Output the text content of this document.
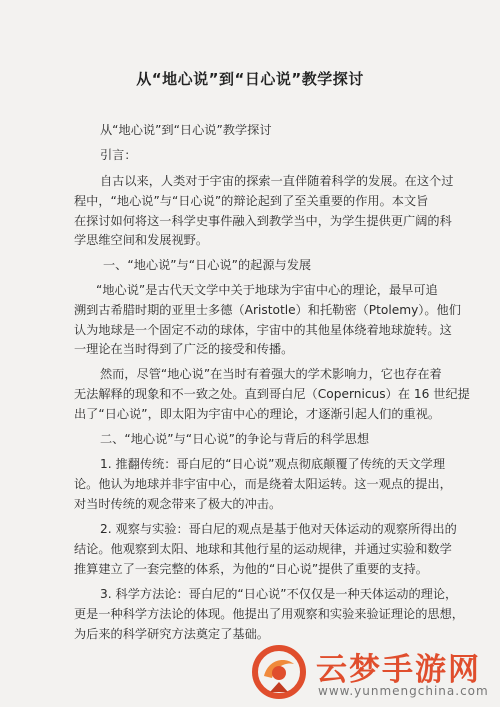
从“地心说”到“日心说”教学探讨
从“地心说”到“日心说”教学探讨
引言：
自古以来，人类对于宇宙的探索一直伴随着科学的发展。在这个过
程中，“地心说”与“日心说”的辩论起到了至关重要的作用。本文旨
在探讨如何将这一科学史事件融入到教学当中，为学生提供更广阔的科
学思维空间和发展视野。
一、“地心说”与“日心说”的起源与发展
“地心说”是古代天文学中关于地球为宇宙中心的理论，最早可追
溯到古希腊时期的亚里士多德（Aristotle）和托勒密（Ptolemy）。他们
认为地球是一个固定不动的球体，宇宙中的其他星体绕着地球旋转。这
一理论在当时得到了广泛的接受和传播。
然而，尽管“地心说”在当时有着强大的学术影响力，它也存在着
无法解释的现象和不一致之处。直到哥白尼（Copernicus）在 16 世纪提
出了“日心说”，即太阳为宇宙中心的理论，才逐渐引起人们的重视。
二、“地心说”与“日心说”的争论与背后的科学思想
1. 推翻传统：哥白尼的“日心说”观点彻底颠覆了传统的天文学理
论。他认为地球并非宇宙中心，而是绕着太阳运转。这一观点的提出，
对当时传统的观念带来了极大的冲击。
2. 观察与实验：哥白尼的观点是基于他对天体运动的观察所得出的
结论。他观察到太阳、地球和其他行星的运动规律，并通过实验和数学
推算建立了一套完整的体系，为他的“日心说”提供了重要的支持。
3. 科学方法论：哥白尼的“日心说”不仅仅是一种天体运动的理论，
更是一种科学方法论的体现。他提出了用观察和实验来验证理论的思想，
为后来的科学研究方法奠定了基础。
云梦手游网
www.yunmengchina.com
